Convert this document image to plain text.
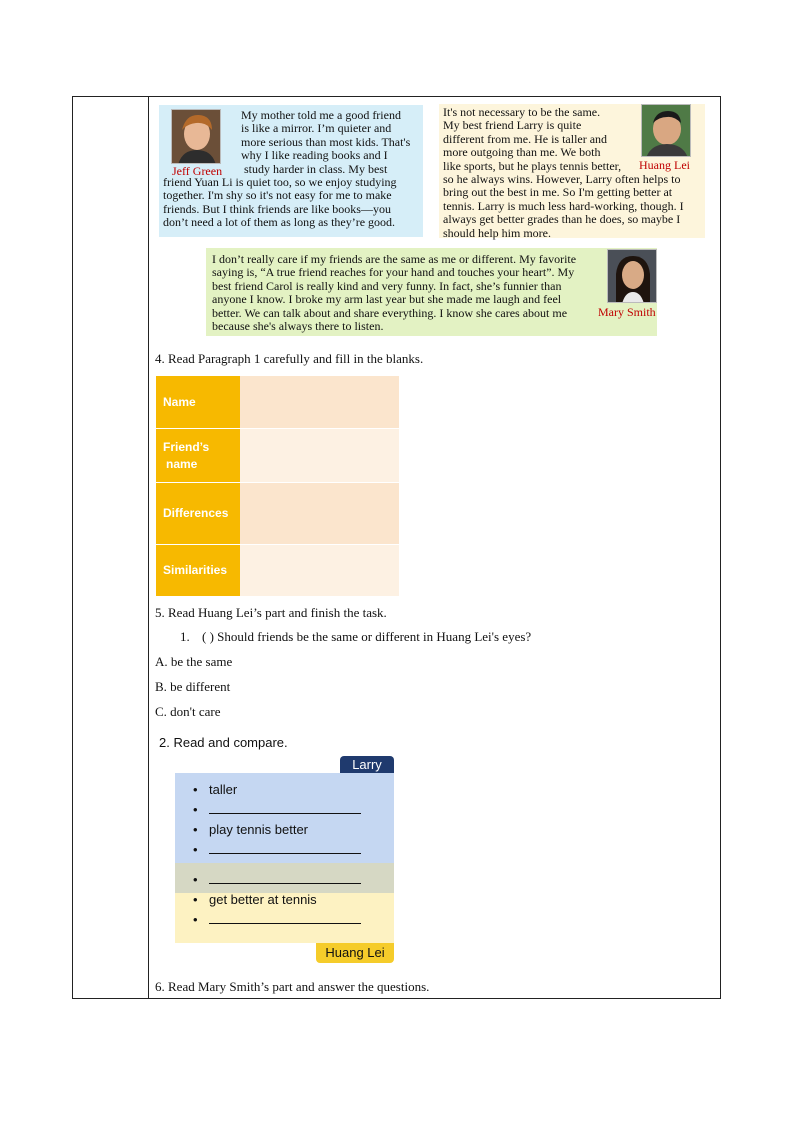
Jeff Green
My mother told me a good friend
is like a mirror. I’m quieter and
more serious than most kids. That's
why I like reading books and I
study harder in class. My best
friend Yuan Li is quiet too, so we enjoy studying
together. I'm shy so it's not easy for me to make
friends. But I think friends are like books—you
don’t need a lot of them as long as they’re good.
It's not necessary to be the same.
My best friend Larry is quite
different from me. He is taller and
more outgoing than me. We both
like sports, but he plays tennis better,
so he always wins. However, Larry often helps to
bring out the best in me. So I'm getting better at
tennis. Larry is much less hard-working, though. I
always get better grades than he does, so maybe I
should help him more.
Huang Lei
I don’t really care if my friends are the same as me or different. My favorite
saying is, “A true friend reaches for your hand and touches your heart”. My
best friend Carol is really kind and very funny. In fact, she’s funnier than
anyone I know. I broke my arm last year but she made me laugh and feel
better. We can talk about and share everything. I know she cares about me
because she's always there to listen.
Mary Smith
4. Read Paragraph 1 carefully and fill in the blanks.
Name
Friend’s
name
Differences
Similarities
5. Read Huang Lei’s part and finish the task.
1. ( ) Should friends be the same or different in Huang Lei's eyes?
A. be the same
B. be different
C. don't care
2. Read and compare.
Larry
Huang Lei
• taller
•
• play tennis better
•
•
• get better at tennis
•
6. Read Mary Smith’s part and answer the questions.
